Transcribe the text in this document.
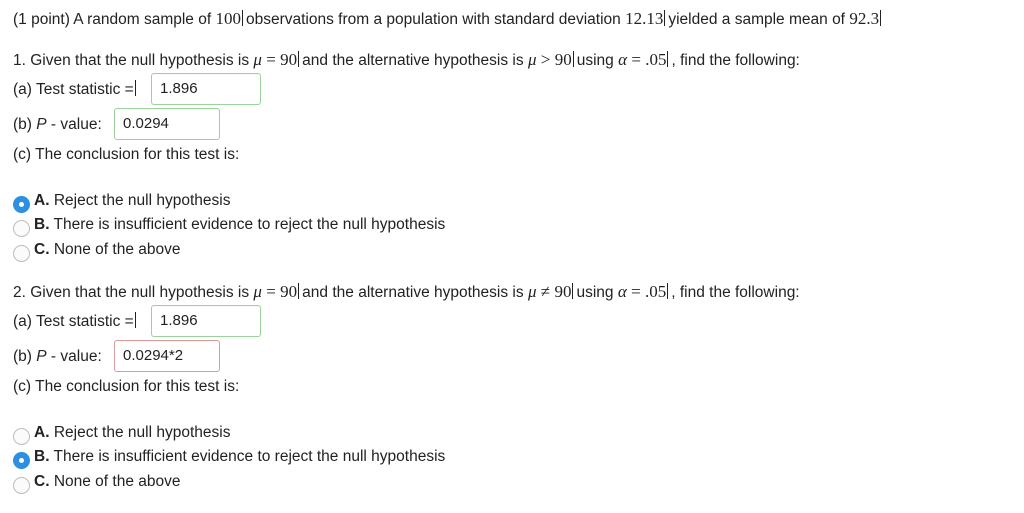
(1 point) A random sample of 100 observations from a population with standard deviation 12.13 yielded a sample mean of 92.3
1. Given that the null hypothesis is μ = 90 and the alternative hypothesis is μ > 90 using α = .05 , find the following:
(a) Test statistic =	1.896
(b) P - value:	0.0294
(c) The conclusion for this test is:
A. Reject the null hypothesis
B. There is insufficient evidence to reject the null hypothesis
C. None of the above
2. Given that the null hypothesis is μ = 90 and the alternative hypothesis is μ ≠ 90 using α = .05 , find the following:
(a) Test statistic =	1.896
(b) P - value:	0.0294*2
(c) The conclusion for this test is:
A. Reject the null hypothesis
B. There is insufficient evidence to reject the null hypothesis
C. None of the above
